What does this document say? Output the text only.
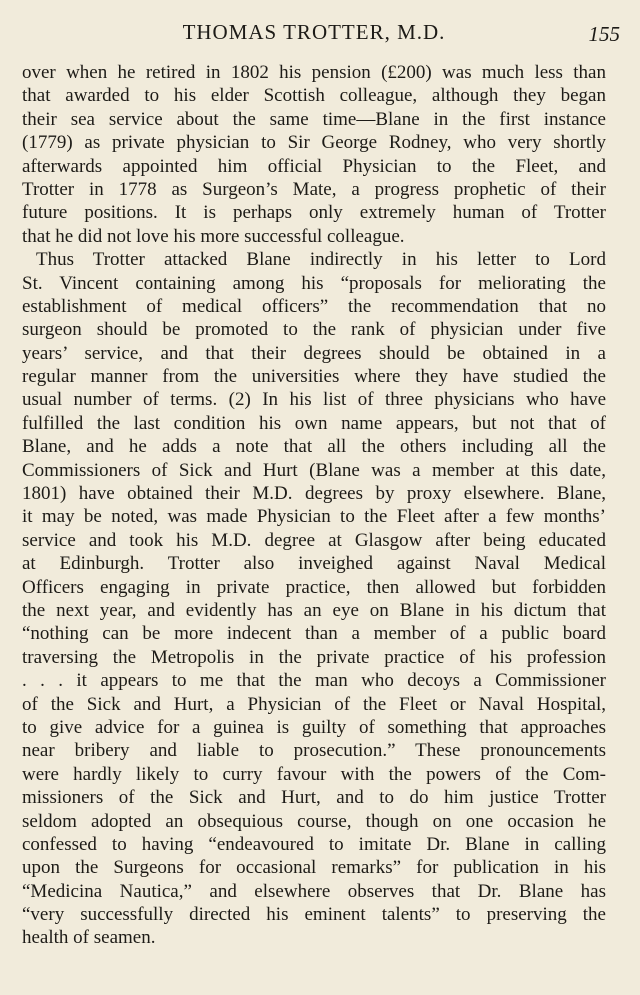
THOMAS TROTTER, M.D.	155
over when he retired in 1802 his pension (£200) was much less than
that awarded to his elder Scottish colleague, although they began
their sea service about the same time—Blane in the first instance
(1779) as private physician to Sir George Rodney, who very shortly
afterwards appointed him official Physician to the Fleet, and
Trotter in 1778 as Surgeon’s Mate, a progress prophetic of their
future positions. It is perhaps only extremely human of Trotter
that he did not love his more successful colleague.
Thus Trotter attacked Blane indirectly in his letter to Lord
St. Vincent containing among his “proposals for meliorating the
establishment of medical officers” the recommendation that no
surgeon should be promoted to the rank of physician under five
years’ service, and that their degrees should be obtained in a
regular manner from the universities where they have studied the
usual number of terms. (2) In his list of three physicians who have
fulfilled the last condition his own name appears, but not that of
Blane, and he adds a note that all the others including all the
Commissioners of Sick and Hurt (Blane was a member at this date,
1801) have obtained their M.D. degrees by proxy elsewhere. Blane,
it may be noted, was made Physician to the Fleet after a few months’
service and took his M.D. degree at Glasgow after being educated
at Edinburgh. Trotter also inveighed against Naval Medical
Officers engaging in private practice, then allowed but forbidden
the next year, and evidently has an eye on Blane in his dictum that
“nothing can be more indecent than a member of a public board
traversing the Metropolis in the private practice of his profession
. . . it appears to me that the man who decoys a Commissioner
of the Sick and Hurt, a Physician of the Fleet or Naval Hospital,
to give advice for a guinea is guilty of something that approaches
near bribery and liable to prosecution.” These pronouncements
were hardly likely to curry favour with the powers of the Com-
missioners of the Sick and Hurt, and to do him justice Trotter
seldom adopted an obsequious course, though on one occasion he
confessed to having “endeavoured to imitate Dr. Blane in calling
upon the Surgeons for occasional remarks” for publication in his
“Medicina Nautica,” and elsewhere observes that Dr. Blane has
“very successfully directed his eminent talents” to preserving the
health of seamen.
